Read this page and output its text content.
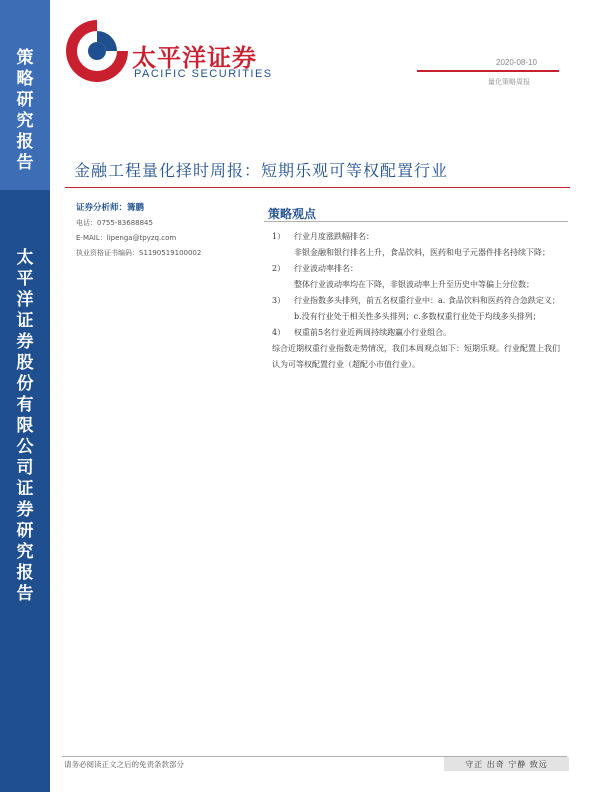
策
略
研
究
报
告
太
平
洋
证
券
股
份
有
限
公
司
证
券
研
究
报
告
太平洋证券
PACIFIC SECURITIES
2020-08-10
量化策略周报
金融工程量化择时周报：短期乐观可等权配置行业
证券分析师：篝鹏
电话：0755-83688845
E-MAIL：lipenga@tpyzq.com
执业资格证书编码：S1190519100002
策略观点
1）	行业月度涨跌幅排名：
非银金融和银行排名上升，食品饮料，医药和电子元器件排名持续下降；
2）	行业波动率排名：
整体行业波动率均在下降，非银波动率上升至历史中等偏上分位数；
3）	行业指数多头排列，前五名权重行业中：a. 食品饮料和医药符合急跌定义；b.没有行业处于相关性多头排列；c.多数权重行业处于均线多头排列；
4）	权重前5名行业近两周持续跑赢小行业组合。
综合近期权重行业指数走势情况，我们本周观点如下：短期乐观。行业配置上我们认为可等权配置行业（超配小市值行业）。
请务必阅读正文之后的免责条款部分	守正 出奇 宁静 致远
